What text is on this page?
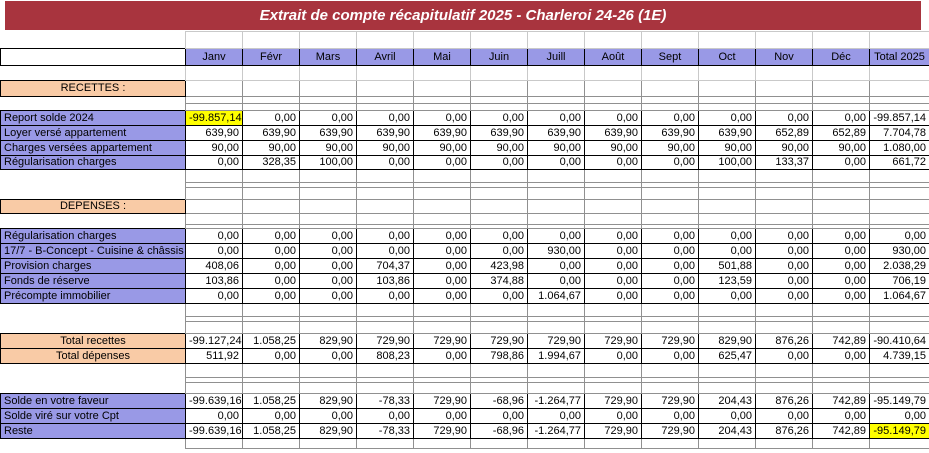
Extrait de compte récapitulatif 2025 - Charleroi 24-26 (1E)

	Janv	Févr	Mars	Avril	Mai	Juin	Juill	Août	Sept	Oct	Nov	Déc	Total 2025

RECETTES :													

Report solde 2024	-99.857,14	0,00	0,00	0,00	0,00	0,00	0,00	0,00	0,00	0,00	0,00	0,00	-99.857,14
Loyer versé appartement	639,90	639,90	639,90	639,90	639,90	639,90	639,90	639,90	639,90	639,90	652,89	652,89	7.704,78
Charges versées appartement	90,00	90,00	90,00	90,00	90,00	90,00	90,00	90,00	90,00	90,00	90,00	90,00	1.080,00
Régularisation charges	0,00	328,35	100,00	0,00	0,00	0,00	0,00	0,00	0,00	100,00	133,37	0,00	661,72

DEPENSES :													

Régularisation charges	0,00	0,00	0,00	0,00	0,00	0,00	0,00	0,00	0,00	0,00	0,00	0,00	0,00
17/7 - B-Concept - Cuisine & châssis	0,00	0,00	0,00	0,00	0,00	0,00	930,00	0,00	0,00	0,00	0,00	0,00	930,00
Provision charges	408,06	0,00	0,00	704,37	0,00	423,98	0,00	0,00	0,00	501,88	0,00	0,00	2.038,29
Fonds de réserve	103,86	0,00	0,00	103,86	0,00	374,88	0,00	0,00	0,00	123,59	0,00	0,00	706,19
Précompte immobilier	0,00	0,00	0,00	0,00	0,00	0,00	1.064,67	0,00	0,00	0,00	0,00	0,00	1.064,67

Total recettes	-99.127,24	1.058,25	829,90	729,90	729,90	729,90	729,90	729,90	729,90	829,90	876,26	742,89	-90.410,64
Total dépenses	511,92	0,00	0,00	808,23	0,00	798,86	1.994,67	0,00	0,00	625,47	0,00	0,00	4.739,15

Solde en votre faveur	-99.639,16	1.058,25	829,90	-78,33	729,90	-68,96	-1.264,77	729,90	729,90	204,43	876,26	742,89	-95.149,79
Solde viré sur votre Cpt	0,00	0,00	0,00	0,00	0,00	0,00	0,00	0,00	0,00	0,00	0,00	0,00	0,00
Reste	-99.639,16	1.058,25	829,90	-78,33	729,90	-68,96	-1.264,77	729,90	729,90	204,43	876,26	742,89	-95.149,79
